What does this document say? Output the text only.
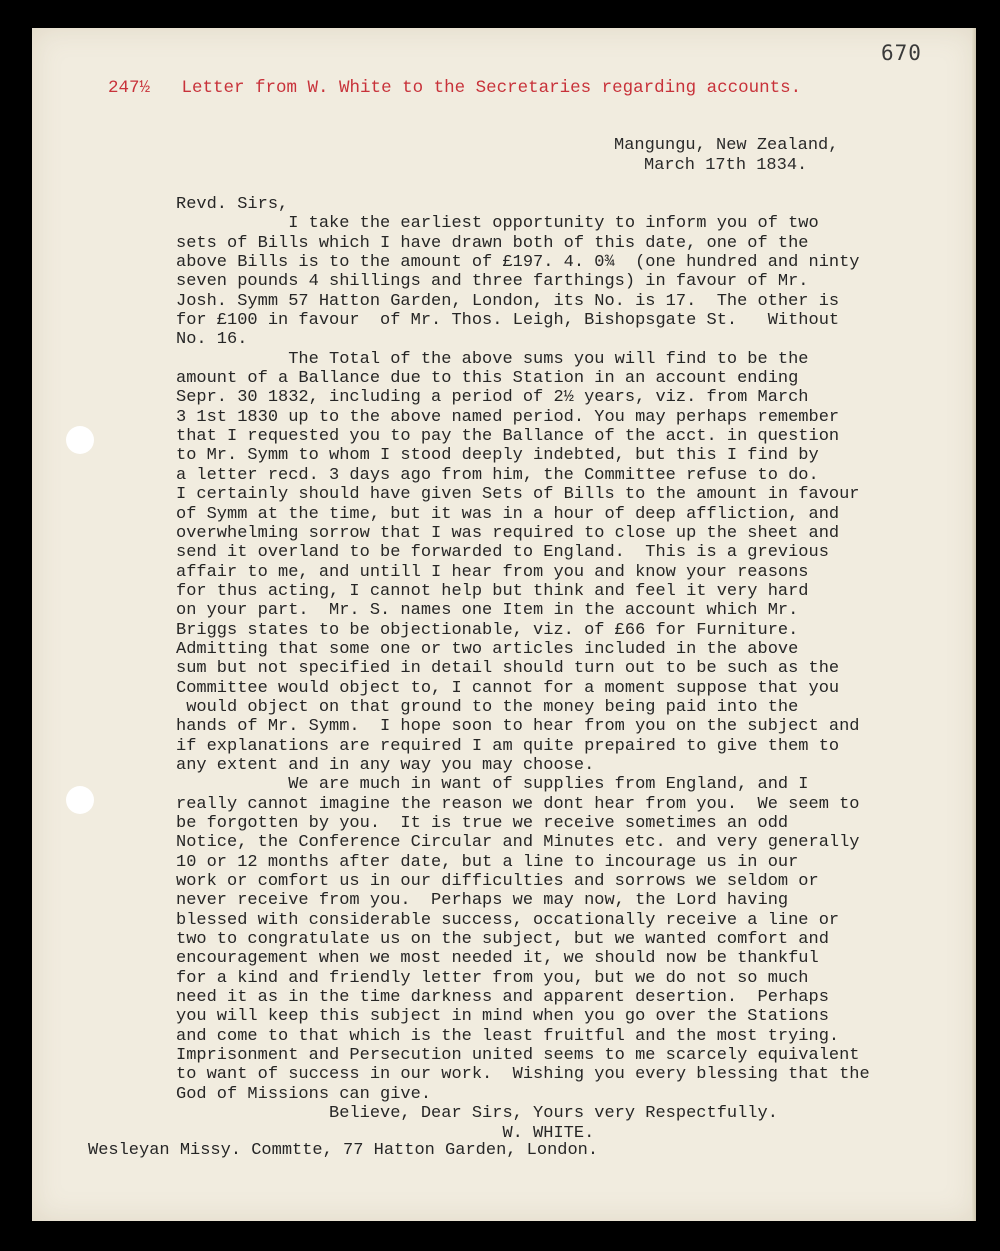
670
247½ Letter from W. White to the Secretaries regarding accounts.
Mangungu, New Zealand,
March 17th 1834.
Revd. Sirs,
I take the earliest opportunity to inform you of two
sets of Bills which I have drawn both of this date, one of the
above Bills is to the amount of £197. 4. 0¾  (one hundred and ninty
seven pounds 4 shillings and three farthings) in favour of Mr.
Josh. Symm 57 Hatton Garden, London, its No. is 17.  The other is
for £100 in favour  of Mr. Thos. Leigh, Bishopsgate St.   Without
No. 16.
The Total of the above sums you will find to be the
amount of a Ballance due to this Station in an account ending
Sepr. 30 1832, including a period of 2½ years, viz. from March
3 1st 1830 up to the above named period. You may perhaps remember
that I requested you to pay the Ballance of the acct. in question
to Mr. Symm to whom I stood deeply indebted, but this I find by
a letter recd. 3 days ago from him, the Committee refuse to do.
I certainly should have given Sets of Bills to the amount in favour
of Symm at the time, but it was in a hour of deep affliction, and
overwhelming sorrow that I was required to close up the sheet and
send it overland to be forwarded to England.  This is a grevious
affair to me, and untill I hear from you and know your reasons
for thus acting, I cannot help but think and feel it very hard
on your part.  Mr. S. names one Item in the account which Mr.
Briggs states to be objectionable, viz. of £66 for Furniture.
Admitting that some one or two articles included in the above
sum but not specified in detail should turn out to be such as the
Committee would object to, I cannot for a moment suppose that you
would object on that ground to the money being paid into the
hands of Mr. Symm.  I hope soon to hear from you on the subject and
if explanations are required I am quite prepaired to give them to
any extent and in any way you may choose.
We are much in want of supplies from England, and I
really cannot imagine the reason we dont hear from you.  We seem to
be forgotten by you.  It is true we receive sometimes an odd
Notice, the Conference Circular and Minutes etc. and very generally
10 or 12 months after date, but a line to incourage us in our
work or comfort us in our difficulties and sorrows we seldom or
never receive from you.  Perhaps we may now, the Lord having
blessed with considerable success, occationally receive a line or
two to congratulate us on the subject, but we wanted comfort and
encouragement when we most needed it, we should now be thankful
for a kind and friendly letter from you, but we do not so much
need it as in the time darkness and apparent desertion.  Perhaps
you will keep this subject in mind when you go over the Stations
and come to that which is the least fruitful and the most trying.
Imprisonment and Persecution united seems to me scarcely equivalent
to want of success in our work.  Wishing you every blessing that the
God of Missions can give.
Believe, Dear Sirs, Yours very Respectfully.
W. WHITE.
Wesleyan Missy. Commtte, 77 Hatton Garden, London.
